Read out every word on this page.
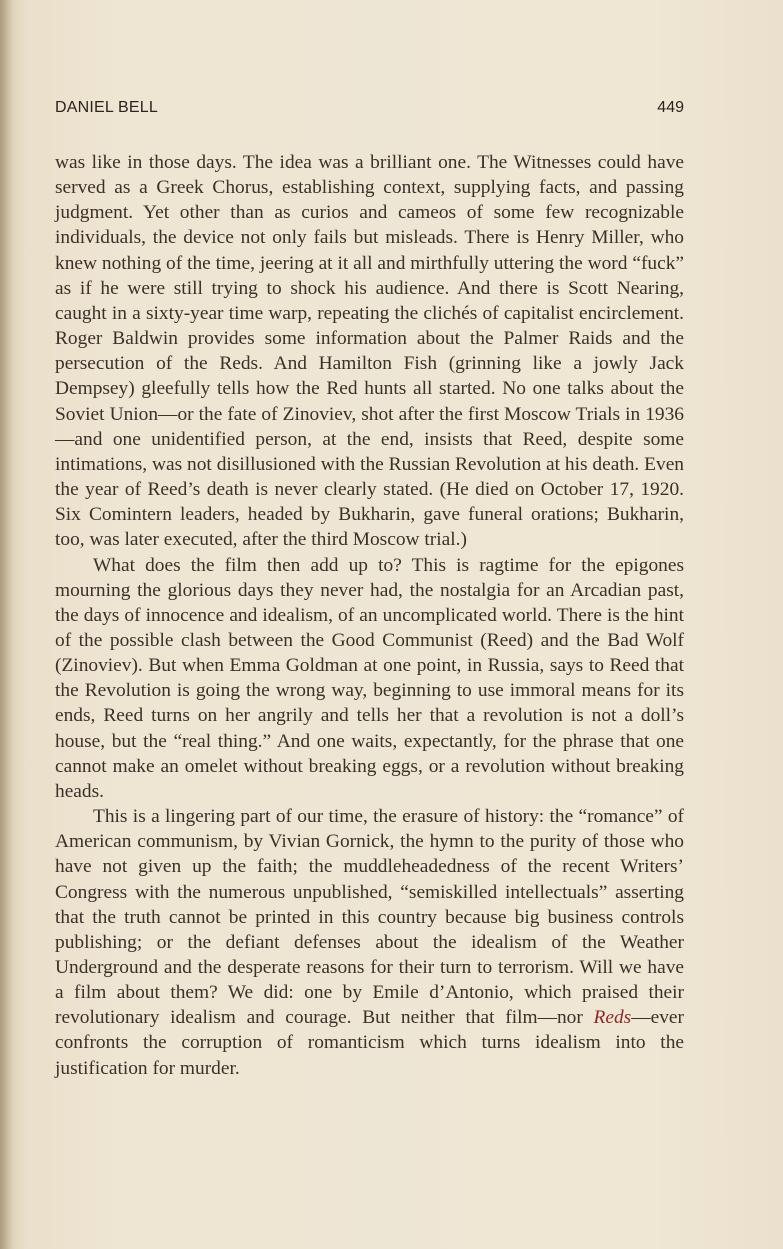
DANIEL BELL	449

was like in those days. The idea was a brilliant one. The Witnesses could have served as a Greek Chorus, establishing context, supplying facts, and passing judgment. Yet other than as curios and cameos of some few recognizable individuals, the device not only fails but misleads. There is Henry Miller, who knew nothing of the time, jeering at it all and mirthfully uttering the word “fuck” as if he were still trying to shock his audience. And there is Scott Nearing, caught in a sixty-year time warp, repeating the clichés of capitalist encirclement. Roger Baldwin provides some information about the Palmer Raids and the persecution of the Reds. And Hamilton Fish (grinning like a jowly Jack Dempsey) gleefully tells how the Red hunts all started. No one talks about the Soviet Union—or the fate of Zinoviev, shot after the first Moscow Trials in 1936—and one unidentified person, at the end, insists that Reed, despite some intimations, was not disillusioned with the Russian Revolution at his death. Even the year of Reed’s death is never clearly stated. (He died on October 17, 1920. Six Comintern leaders, headed by Bukharin, gave funeral orations; Bukharin, too, was later executed, after the third Moscow trial.)

What does the film then add up to? This is ragtime for the epigones mourning the glorious days they never had, the nostalgia for an Arcadian past, the days of innocence and idealism, of an uncomplicated world. There is the hint of the possible clash between the Good Communist (Reed) and the Bad Wolf (Zinoviev). But when Emma Goldman at one point, in Russia, says to Reed that the Revolution is going the wrong way, beginning to use immoral means for its ends, Reed turns on her angrily and tells her that a revolution is not a doll’s house, but the “real thing.” And one waits, expectantly, for the phrase that one cannot make an omelet without breaking eggs, or a revolution without breaking heads.

This is a lingering part of our time, the erasure of history: the “romance” of American communism, by Vivian Gornick, the hymn to the purity of those who have not given up the faith; the muddleheadedness of the recent Writers’ Congress with the numerous unpublished, “semiskilled intellectuals” asserting that the truth cannot be printed in this country because big business controls publishing; or the defiant defenses about the idealism of the Weather Underground and the desperate reasons for their turn to terrorism. Will we have a film about them? We did: one by Emile d’Antonio, which praised their revolutionary idealism and courage. But neither that film—nor Reds—ever confronts the corruption of romanticism which turns idealism into the justification for murder.
